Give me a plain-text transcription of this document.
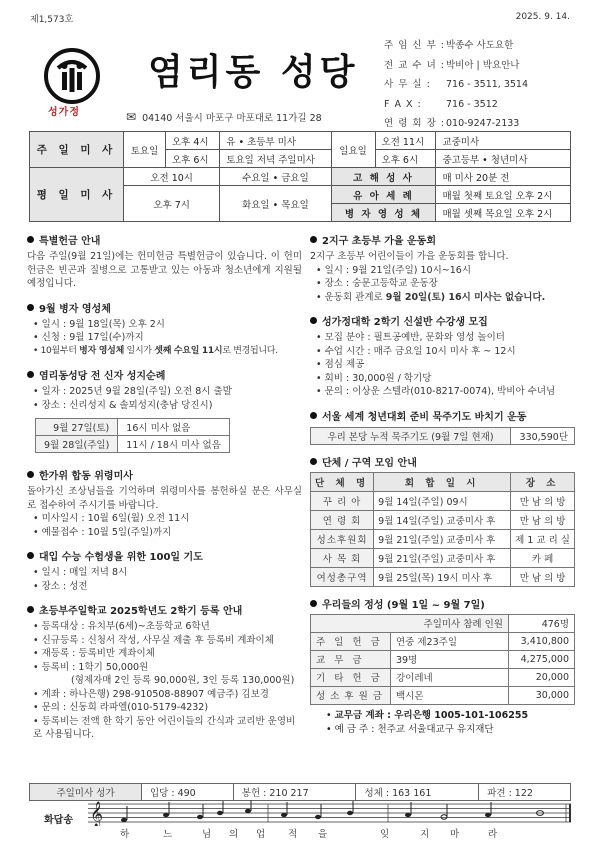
제1,573호	2025. 9. 14.
성가정
염리동 성당
✉ 04140 서울시 마포구 마포대로 11가길 28
주 임 신 부 : 박종수 사도요한
전 교 수 녀 : 박비아 | 박요안나
사 무 실 :	716 - 3511, 3514
F A X :	716 - 3512
연 령 회 장 : 010-9247-2133
주 일 미 사	토요일	오후 4시	유 • 초등부 미사	일요일	오전 11시	교중미사
		오후 6시	토요일 저녁 주일미사		오후 6시	중고등부 • 청년미사
평 일 미 사	오전 10시		수요일 • 금요일	고 해 성 사		매 미사 20분 전
	오후 7시		화요일 • 목요일	유 아 세 례		매월 첫째 토요일 오후 2시
				병 자 영 성 체		매월 셋째 목요일 오후 2시
특별헌금 안내
다음 주일(9월 21일)에는 헌미헌금 특별헌금이 있습니다. 이 헌미헌금은 빈곤과 질병으로 고통받고 있는 아동과 청소년에게 지원될 예정입니다.
9월 병자 영성체
• 일시 : 9월 18일(목) 오후 2시
• 신청 : 9월 17일(수)까지
• 10월부터 병자 영성체 일시가 셋째 수요일 11시로 변경됩니다.
염리동성당 전 신자 성지순례
• 일자 : 2025년 9월 28일(주일) 오전 8시 출발
• 장소 : 신리성지 & 솔뫼성지(충남 당진시)
9월 27일(토)	16시 미사 없음
9월 28일(주일)	11시 / 18시 미사 없음
한가위 합동 위령미사
돌아가신 조상님들을 기억하며 위령미사를 봉헌하실 분은 사무실로 접수하여 주시기를 바랍니다.
• 미사일시 : 10월 6일(월) 오전 11시
• 예물접수 : 10월 5일(주일)까지
대입 수능 수험생을 위한 100일 기도
• 일시 : 매일 저녁 8시
• 장소 : 성전
초등부주일학교 2025학년도 2학기 등록 안내
• 등록대상 : 유치부(6세)~초등학교 6학년
• 신규등록 : 신청서 작성, 사무실 제출 후 등록비 계좌이체
• 재등록 : 등록비만 계좌이체
• 등록비 : 1학기 50,000원
(형제자매 2인 등록 90,000원, 3인 등록 130,000원)
• 계좌 : 하나은행) 298-910508-88907 예금주) 김보경
• 문의 : 신동희 라파엘(010-5179-4232)
• 등록비는 전액 한 학기 동안 어린이들의 간식과 교리반 운영비로 사용됩니다.
2지구 초등부 가을 운동회
2지구 초등부 어린이들이 가을 운동회를 합니다.
• 일시 : 9월 21일(주일) 10시~16시
• 장소 : 숭문고등학교 운동장
• 운동회 관계로 9월 20일(토) 16시 미사는 없습니다.
성가정대학 2학기 신설반 수강생 모집
• 모집 분야 : 필트공예반, 문화와 영성 놀이터
• 수업 시간 : 매주 금요일 10시 미사 후 ~ 12시
• 점심 제공
• 회비 : 30,000원 / 학기당
• 문의 : 이상운 스텔라(010-8217-0074), 박비아 수녀님
서울 세계 청년대회 준비 묵주기도 바치기 운동
우리 본당 누적 묵주기도 (9월 7일 현재)	330,590단
단체 / 구역 모임 안내
단 체 명	회 합 일 시	장 소
꾸 리 아	9월 14일(주일) 09시	만 남 의 방
연 령 회	9월 14일(주일) 교중미사 후	만 남 의 방
성소후원회	9월 21일(주일) 교중미사 후	제 1 교 리 실
사 목 회	9월 21일(주일) 교중미사 후	카 페
여성총구역	9월 25일(목) 19시 미사 후	만 남 의 방
우리들의 정성 (9월 1일 ~ 9월 7일)
주일미사 참례 인원		476명
주 일 헌 금	연중 제23주일	3,410,800
교 무 금	39명	4,275,000
기 타 헌 금	강이레네	20,000
성 소 후 원 금	백시몬	30,000
• 교무금 계좌 : 우리은행 1005-101-106255
• 예 금 주 : 천주교 서울대교구 유지재단
주일미사 성가	입당 : 490	봉헌 : 210 217	성체 : 163 161	파견 : 122
화답송 𝄞
하	느	님 의 업 적 을	잊	지 마	라
